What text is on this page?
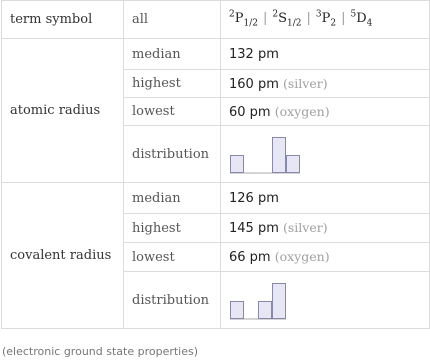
term symbol	all	$^2P_{1/2}$ | $^2S_{1/2}$ | $^3P_2$ | $^5D_4$
atomic radius	median	132 pm
	highest	160 pm (silver)
	lowest	60 pm (oxygen)
	distribution	

covalent radius	median	126 pm
	highest	145 pm (silver)
	lowest	66 pm (oxygen)
	distribution	
(electronic ground state properties)
